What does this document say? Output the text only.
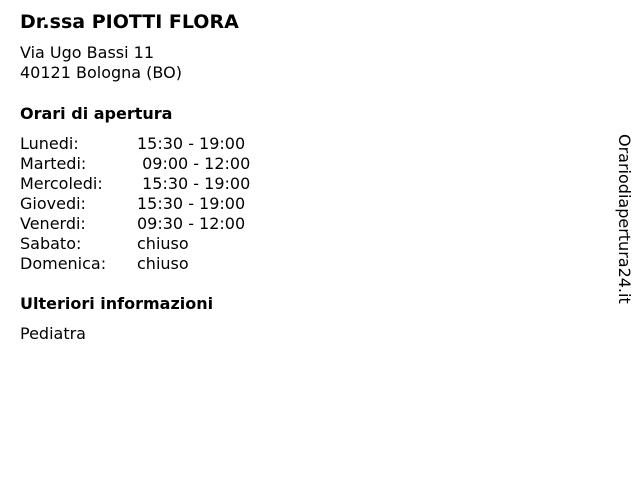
Dr.ssa PIOTTI FLORA
Via Ugo Bassi 11
40121 Bologna (BO)
Orari di apertura
Lunedi:	15:30 - 19:00
Martedi:	09:00 - 12:00
Mercoledi:	15:30 - 19:00
Giovedi:	15:30 - 19:00
Venerdi:	09:30 - 12:00
Sabato:	chiuso
Domenica:	chiuso
Ulteriori informazioni
Pediatra
Orariodiapertura24.it
